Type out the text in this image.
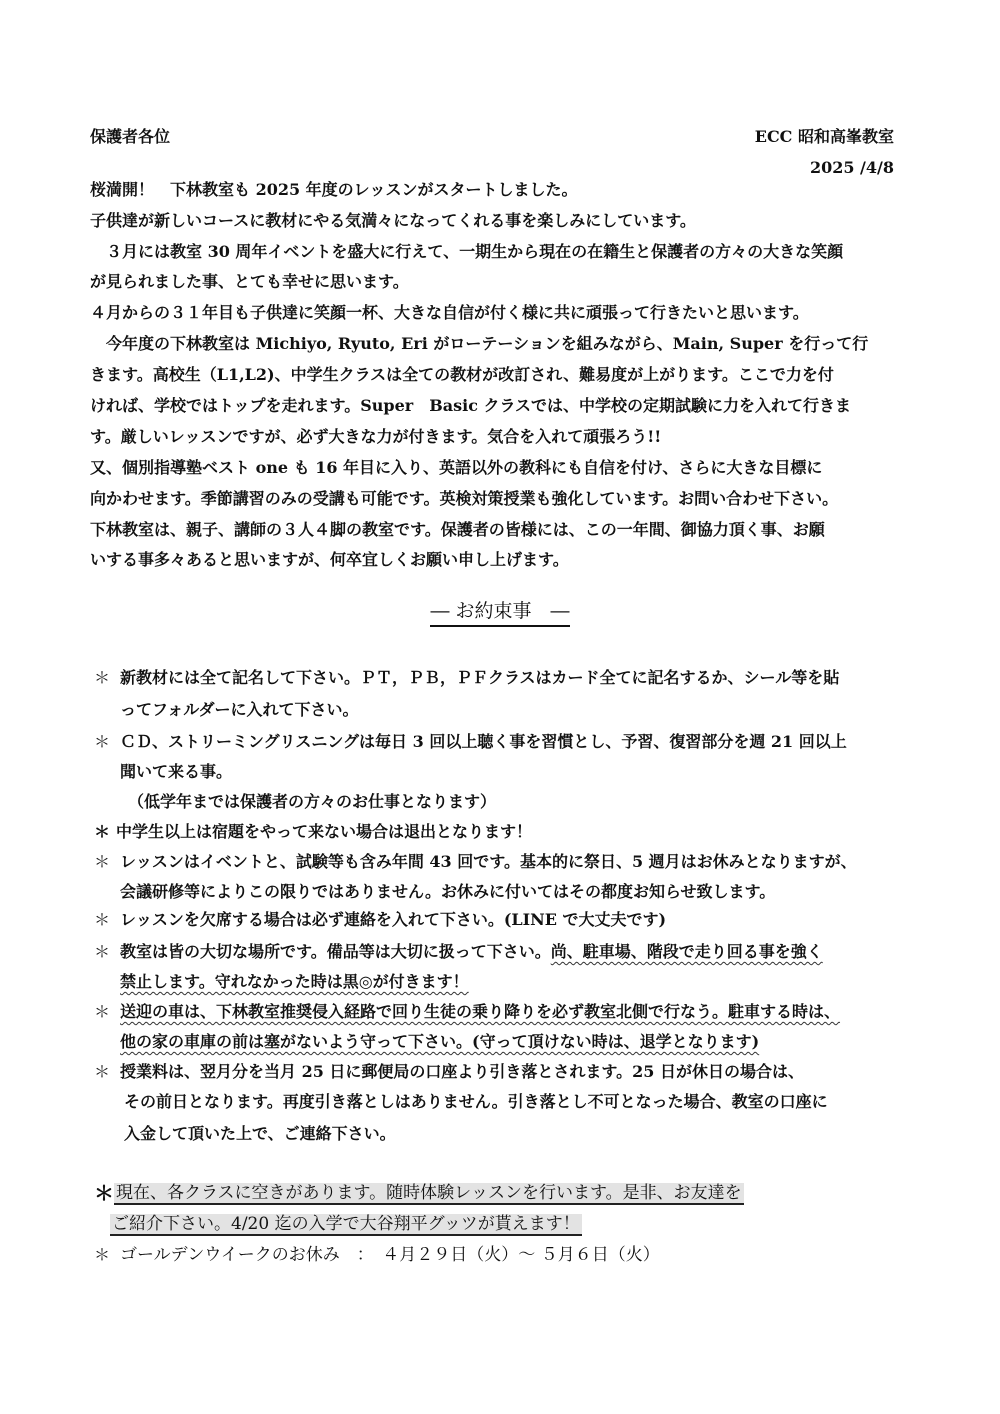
保護者各位	ECC 昭和高峯教室
2025 /4/8
桜満開！　下林教室も 2025 年度のレッスンがスタートしました。
子供達が新しいコースに教材にやる気満々になってくれる事を楽しみにしています。
　３月には教室 30 周年イベントを盛大に行えて、一期生から現在の在籍生と保護者の方々の大きな笑顔
が見られました事、とても幸せに思います。
４月からの３１年目も子供達に笑顔一杯、大きな自信が付く様に共に頑張って行きたいと思います。
　今年度の下林教室は Michiyo, Ryuto, Eri がローテーションを組みながら、Main, Super を行って行
きます。高校生（L1,L2)、中学生クラスは全ての教材が改訂され、難易度が上がります。ここで力を付
ければ、学校ではトップを走れます。Super　Basic クラスでは、中学校の定期試験に力を入れて行きま
す。厳しいレッスンですが、必ず大きな力が付きます。気合を入れて頑張ろう!!
又、個別指導塾ベスト one も 16 年目に入り、英語以外の教科にも自信を付け、さらに大きな目標に
向かわせます。季節講習のみの受講も可能です。英検対策授業も強化しています。お問い合わせ下さい。
下林教室は、親子、講師の３人４脚の教室です。保護者の皆様には、この一年間、御協力頂く事、お願
いする事多々あると思いますが、何卒宜しくお願い申し上げます。
― お約束事　―
＊ 新教材には全て記名して下さい。ＰＴ，ＰＢ，ＰＦクラスはカード全てに記名するか、シール等を貼
ってフォルダーに入れて下さい。
＊ ＣＤ、ストリーミングリスニングは毎日 3 回以上聴く事を習慣とし、予習、復習部分を週 21 回以上
聞いて来る事。
（低学年までは保護者の方々のお仕事となります）
＊ 中学生以上は宿題をやって来ない場合は退出となります！
＊ レッスンはイベントと、試験等も含み年間 43 回です。基本的に祭日、5 週月はお休みとなりますが、
会議研修等によりこの限りではありません。お休みに付いてはその都度お知らせ致します。
＊ レッスンを欠席する場合は必ず連絡を入れて下さい。(LINE で大丈夫です)
＊ 教室は皆の大切な場所です。備品等は大切に扱って下さい。尚、駐車場、階段で走り回る事を強く
禁止します。守れなかった時は黒◎が付きます！
＊ 送迎の車は、下林教室推奨侵入経路で回り生徒の乗り降りを必ず教室北側で行なう。駐車する時は、
他の家の車庫の前は塞がないよう守って下さい。(守って頂けない時は、退学となります)
＊ 授業料は、翌月分を当月 25 日に郵便局の口座より引き落とされます。25 日が休日の場合は、
その前日となります。再度引き落としはありません。引き落とし不可となった場合、教室の口座に
入金して頂いた上で、ご連絡下さい。
＊ 現在、各クラスに空きがあります。随時体験レッスンを行います。是非、お友達を
ご紹介下さい。4/20 迄の入学で大谷翔平グッツが貰えます！
＊ ゴールデンウイークのお休み　：　４月２９日（火）～ ５月６日（火）
